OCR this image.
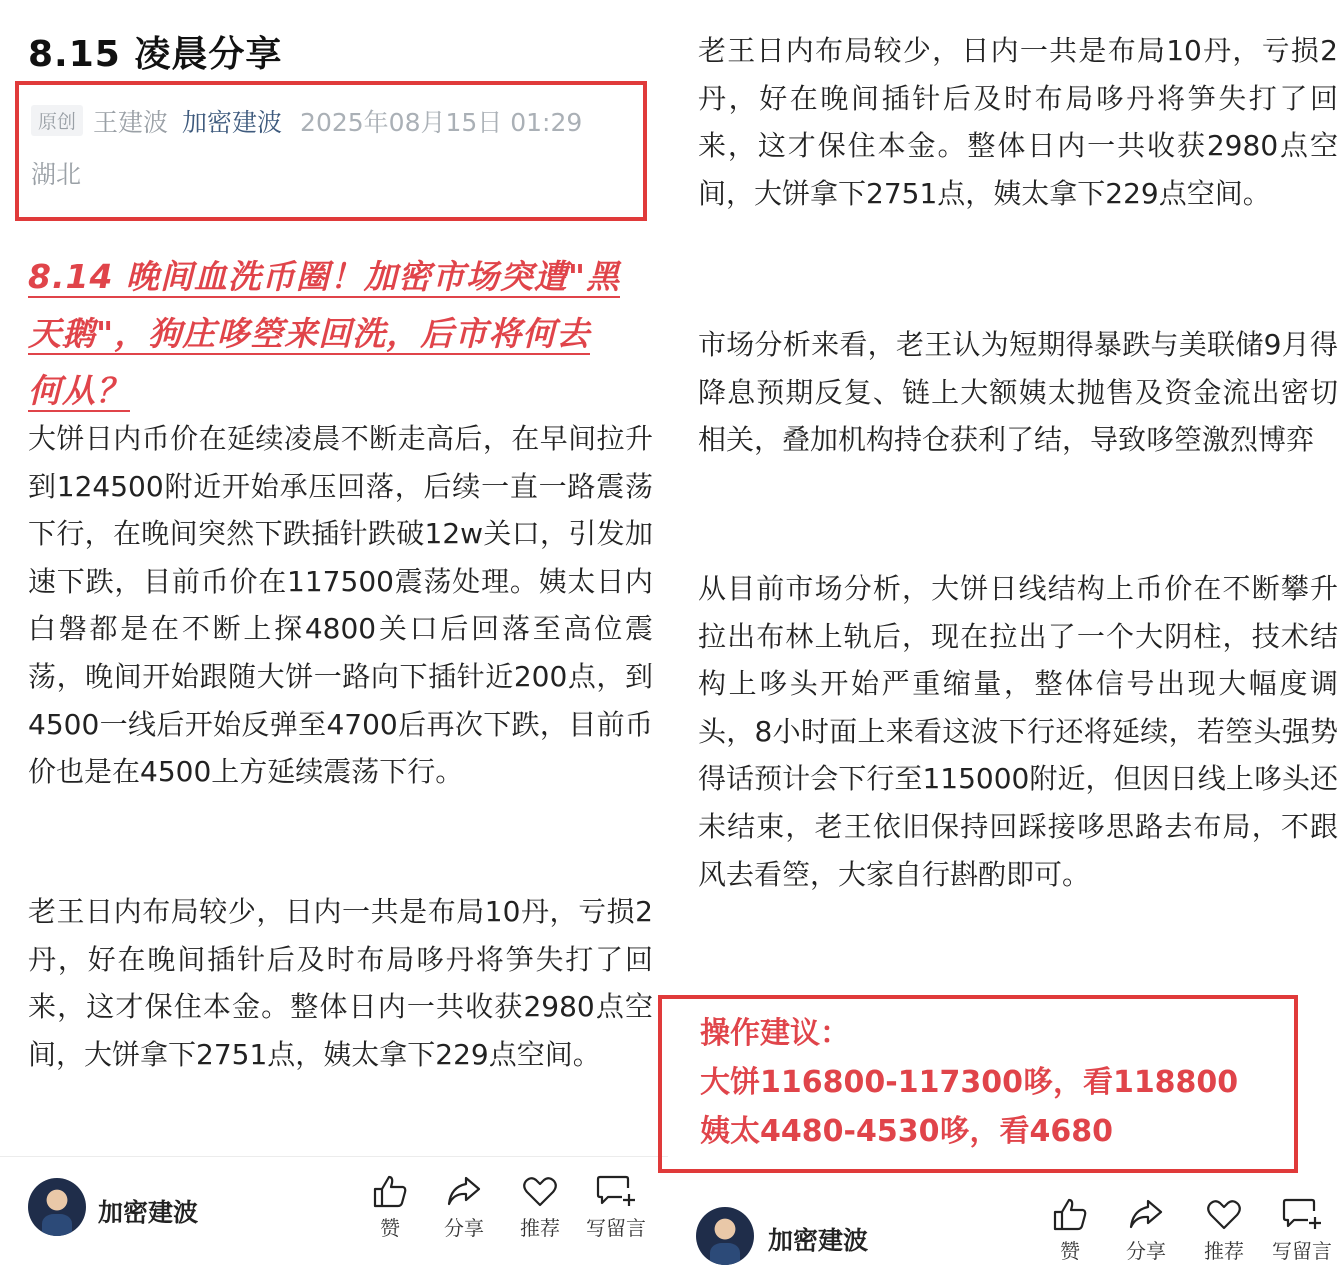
8.15 凌晨分享
原创 王建波 加密建波 2025年08月15日 01:29
湖北
8.14 晚间血洗币圈！加密市场突遭"黑
天鹅"，狗庄哆箜来回洗，后市将何去
何从？

大饼日内币价在延续凌晨不断走高后，在早间拉升到124500附近开始承压回落，后续一直一路震荡下行，在晚间突然下跌插针跌破12w关口，引发加速下跌，目前币价在117500震荡处理。姨太日内白磐都是在不断上探4800关口后回落至高位震荡，晚间开始跟随大饼一路向下插针近200点，到4500一线后开始反弹至4700后再次下跌，目前币价也是在4500上方延续震荡下行。

老王日内布局较少，日内一共是布局10丹，亏损2丹，好在晚间插针后及时布局哆丹将笋失打了回来，这才保住本金。整体日内一共收获2980点空间，大饼拿下2751点，姨太拿下229点空间。

加密建波
赞	分享	推荐	写留言

老王日内布局较少，日内一共是布局10丹，亏损2丹，好在晚间插针后及时布局哆丹将笋失打了回来，这才保住本金。整体日内一共收获2980点空间，大饼拿下2751点，姨太拿下229点空间。

市场分析来看，老王认为短期得暴跌与美联储9月得降息预期反复、链上大额姨太抛售及资金流出密切相关，叠加机构持仓获利了结，导致哆箜激烈博弈

从目前市场分析，大饼日线结构上币价在不断攀升拉出布林上轨后，现在拉出了一个大阴柱，技术结构上哆头开始严重缩量，整体信号出现大幅度调头，8小时面上来看这波下行还将延续，若箜头强势得话预计会下行至115000附近，但因日线上哆头还未结束，老王依旧保持回踩接哆思路去布局，不跟风去看箜，大家自行斟酌即可。

操作建议：
大饼116800-117300哆，看118800
姨太4480-4530哆，看4680
加密建波	赞	分享	推荐	写留言
